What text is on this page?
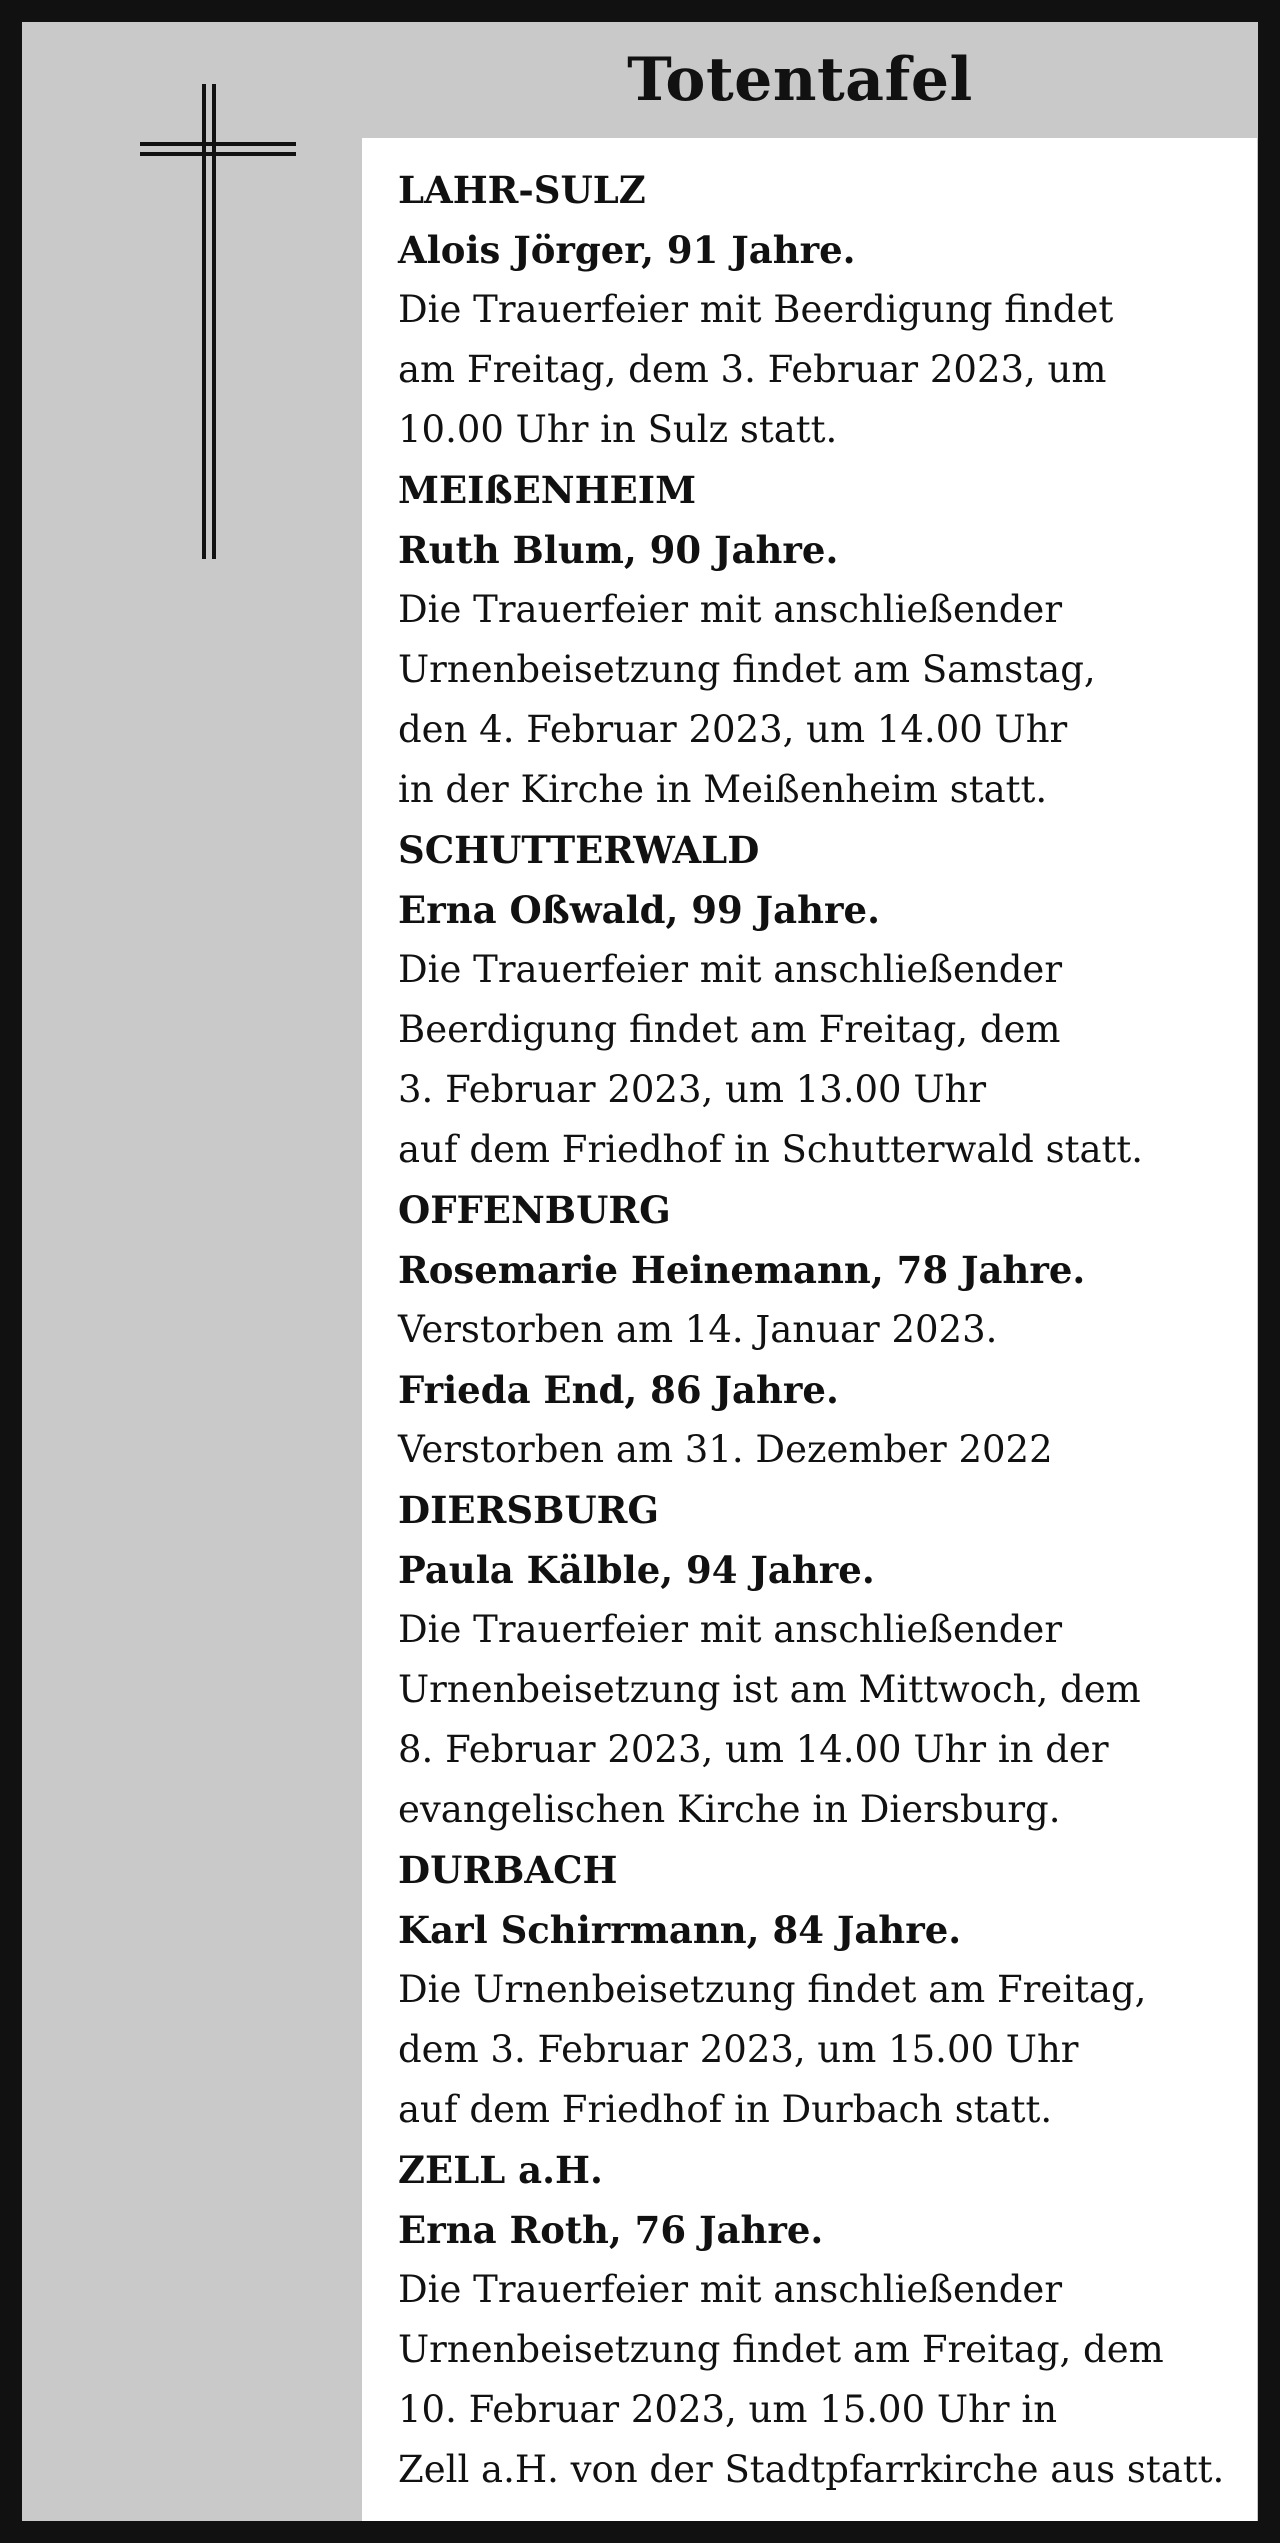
Totentafel
LAHR-SULZ
Alois Jörger, 91 Jahre.
Die Trauerfeier mit Beerdigung findet
am Freitag, dem 3. Februar 2023, um
10.00 Uhr in Sulz statt.
MEIßENHEIM
Ruth Blum, 90 Jahre.
Die Trauerfeier mit anschließender
Urnenbeisetzung findet am Samstag,
den 4. Februar 2023, um 14.00 Uhr
in der Kirche in Meißenheim statt.
SCHUTTERWALD
Erna Oßwald, 99 Jahre.
Die Trauerfeier mit anschließender
Beerdigung findet am Freitag, dem
3. Februar 2023, um 13.00 Uhr
auf dem Friedhof in Schutterwald statt.
OFFENBURG
Rosemarie Heinemann, 78 Jahre.
Verstorben am 14. Januar 2023.
Frieda End, 86 Jahre.
Verstorben am 31. Dezember 2022
DIERSBURG
Paula Kälble, 94 Jahre.
Die Trauerfeier mit anschließender
Urnenbeisetzung ist am Mittwoch, dem
8. Februar 2023, um 14.00 Uhr in der
evangelischen Kirche in Diersburg.
DURBACH
Karl Schirrmann, 84 Jahre.
Die Urnenbeisetzung findet am Freitag,
dem 3. Februar 2023, um 15.00 Uhr
auf dem Friedhof in Durbach statt.
ZELL a.H.
Erna Roth, 76 Jahre.
Die Trauerfeier mit anschließender
Urnenbeisetzung findet am Freitag, dem
10. Februar 2023, um 15.00 Uhr in
Zell a.H. von der Stadtpfarrkirche aus statt.
